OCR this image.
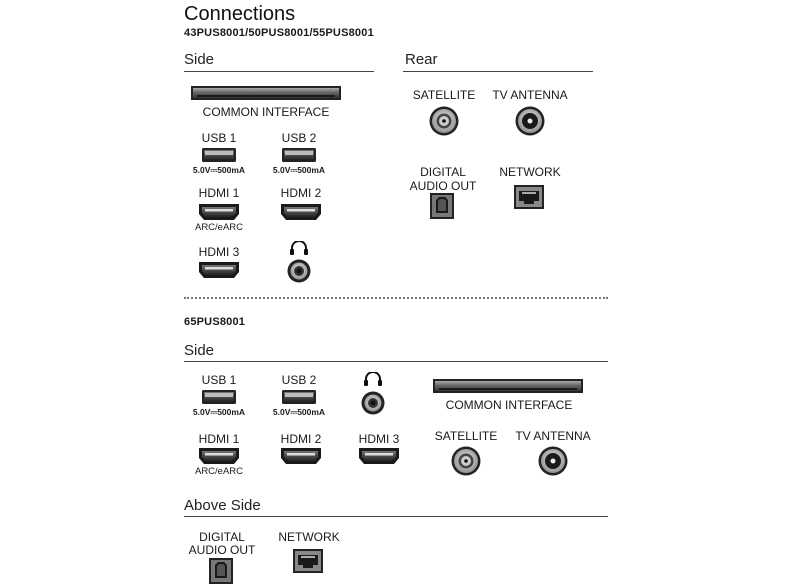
Connections
43PUS8001/50PUS8001/55PUS8001
Side	Rear
COMMON INTERFACE
USB 1
5.0V⎓500mA
USB 2
5.0V⎓500mA
HDMI 1
ARC/eARC
HDMI 2
HDMI 3
SATELLITE TV ANTENNA
DIGITAL
AUDIO OUT
NETWORK
65PUS8001
Side
USB 1
5.0V⎓500mA
USB 2
5.0V⎓500mA	COMMON INTERFACE
HDMI 1
ARC/eARC
HDMI 2	HDMI 3	SATELLITE TV ANTENNA
Above Side
DIGITAL
AUDIO OUT
NETWORK
